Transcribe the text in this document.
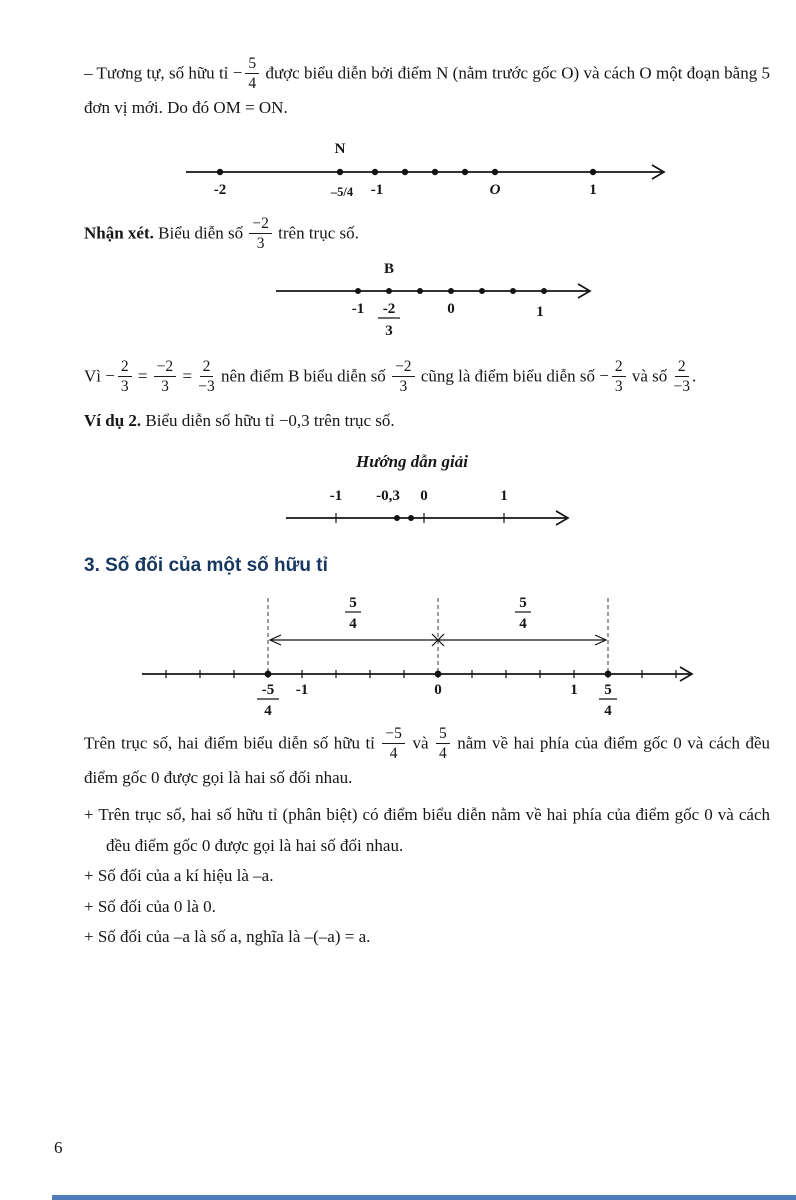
– Tương tự, số hữu tỉ − $\frac{5}{4}$ được biểu diễn bởi điểm N (nằm trước gốc O) và cách O một đoạn bằng 5 đơn vị mới. Do đó OM = ON.

N
-2	–5/4 -1	O	1

Nhận xét. Biểu diễn số $\frac{-2}{3}$ trên trục số.

B
-1	0	1
-2
3

Vì − $\frac{2}{3} = \frac{-2}{3} = \frac{2}{-3}$ nên điểm B biểu diễn số $\frac{-2}{3}$ cũng là điểm biểu diễn số − $\frac{2}{3}$ và số $\frac{2}{-3}$ .

Ví dụ 2. Biểu diễn số hữu tỉ −0,3 trên trục số.

Hướng dẫn giải

-1 -0,3 0	1
3. Số đối của một số hữu tỉ
5
4
5
4
-5
4
-1	0	1 5
4

Trên trục số, hai điểm biểu diễn số hữu tỉ $\frac{-5}{4}$ và $\frac{5}{4}$ nằm về hai phía của điểm gốc 0 và cách đều điểm gốc 0 được gọi là hai số đối nhau.

+ Trên trục số, hai số hữu tỉ (phân biệt) có điểm biểu diễn nằm về hai phía của điểm gốc 0 và cách đều điểm gốc 0 được gọi là hai số đối nhau.

+ Số đối của a kí hiệu là –a.

+ Số đối của 0 là 0.

+ Số đối của –a là số a, nghĩa là –(–a) = a.

6
